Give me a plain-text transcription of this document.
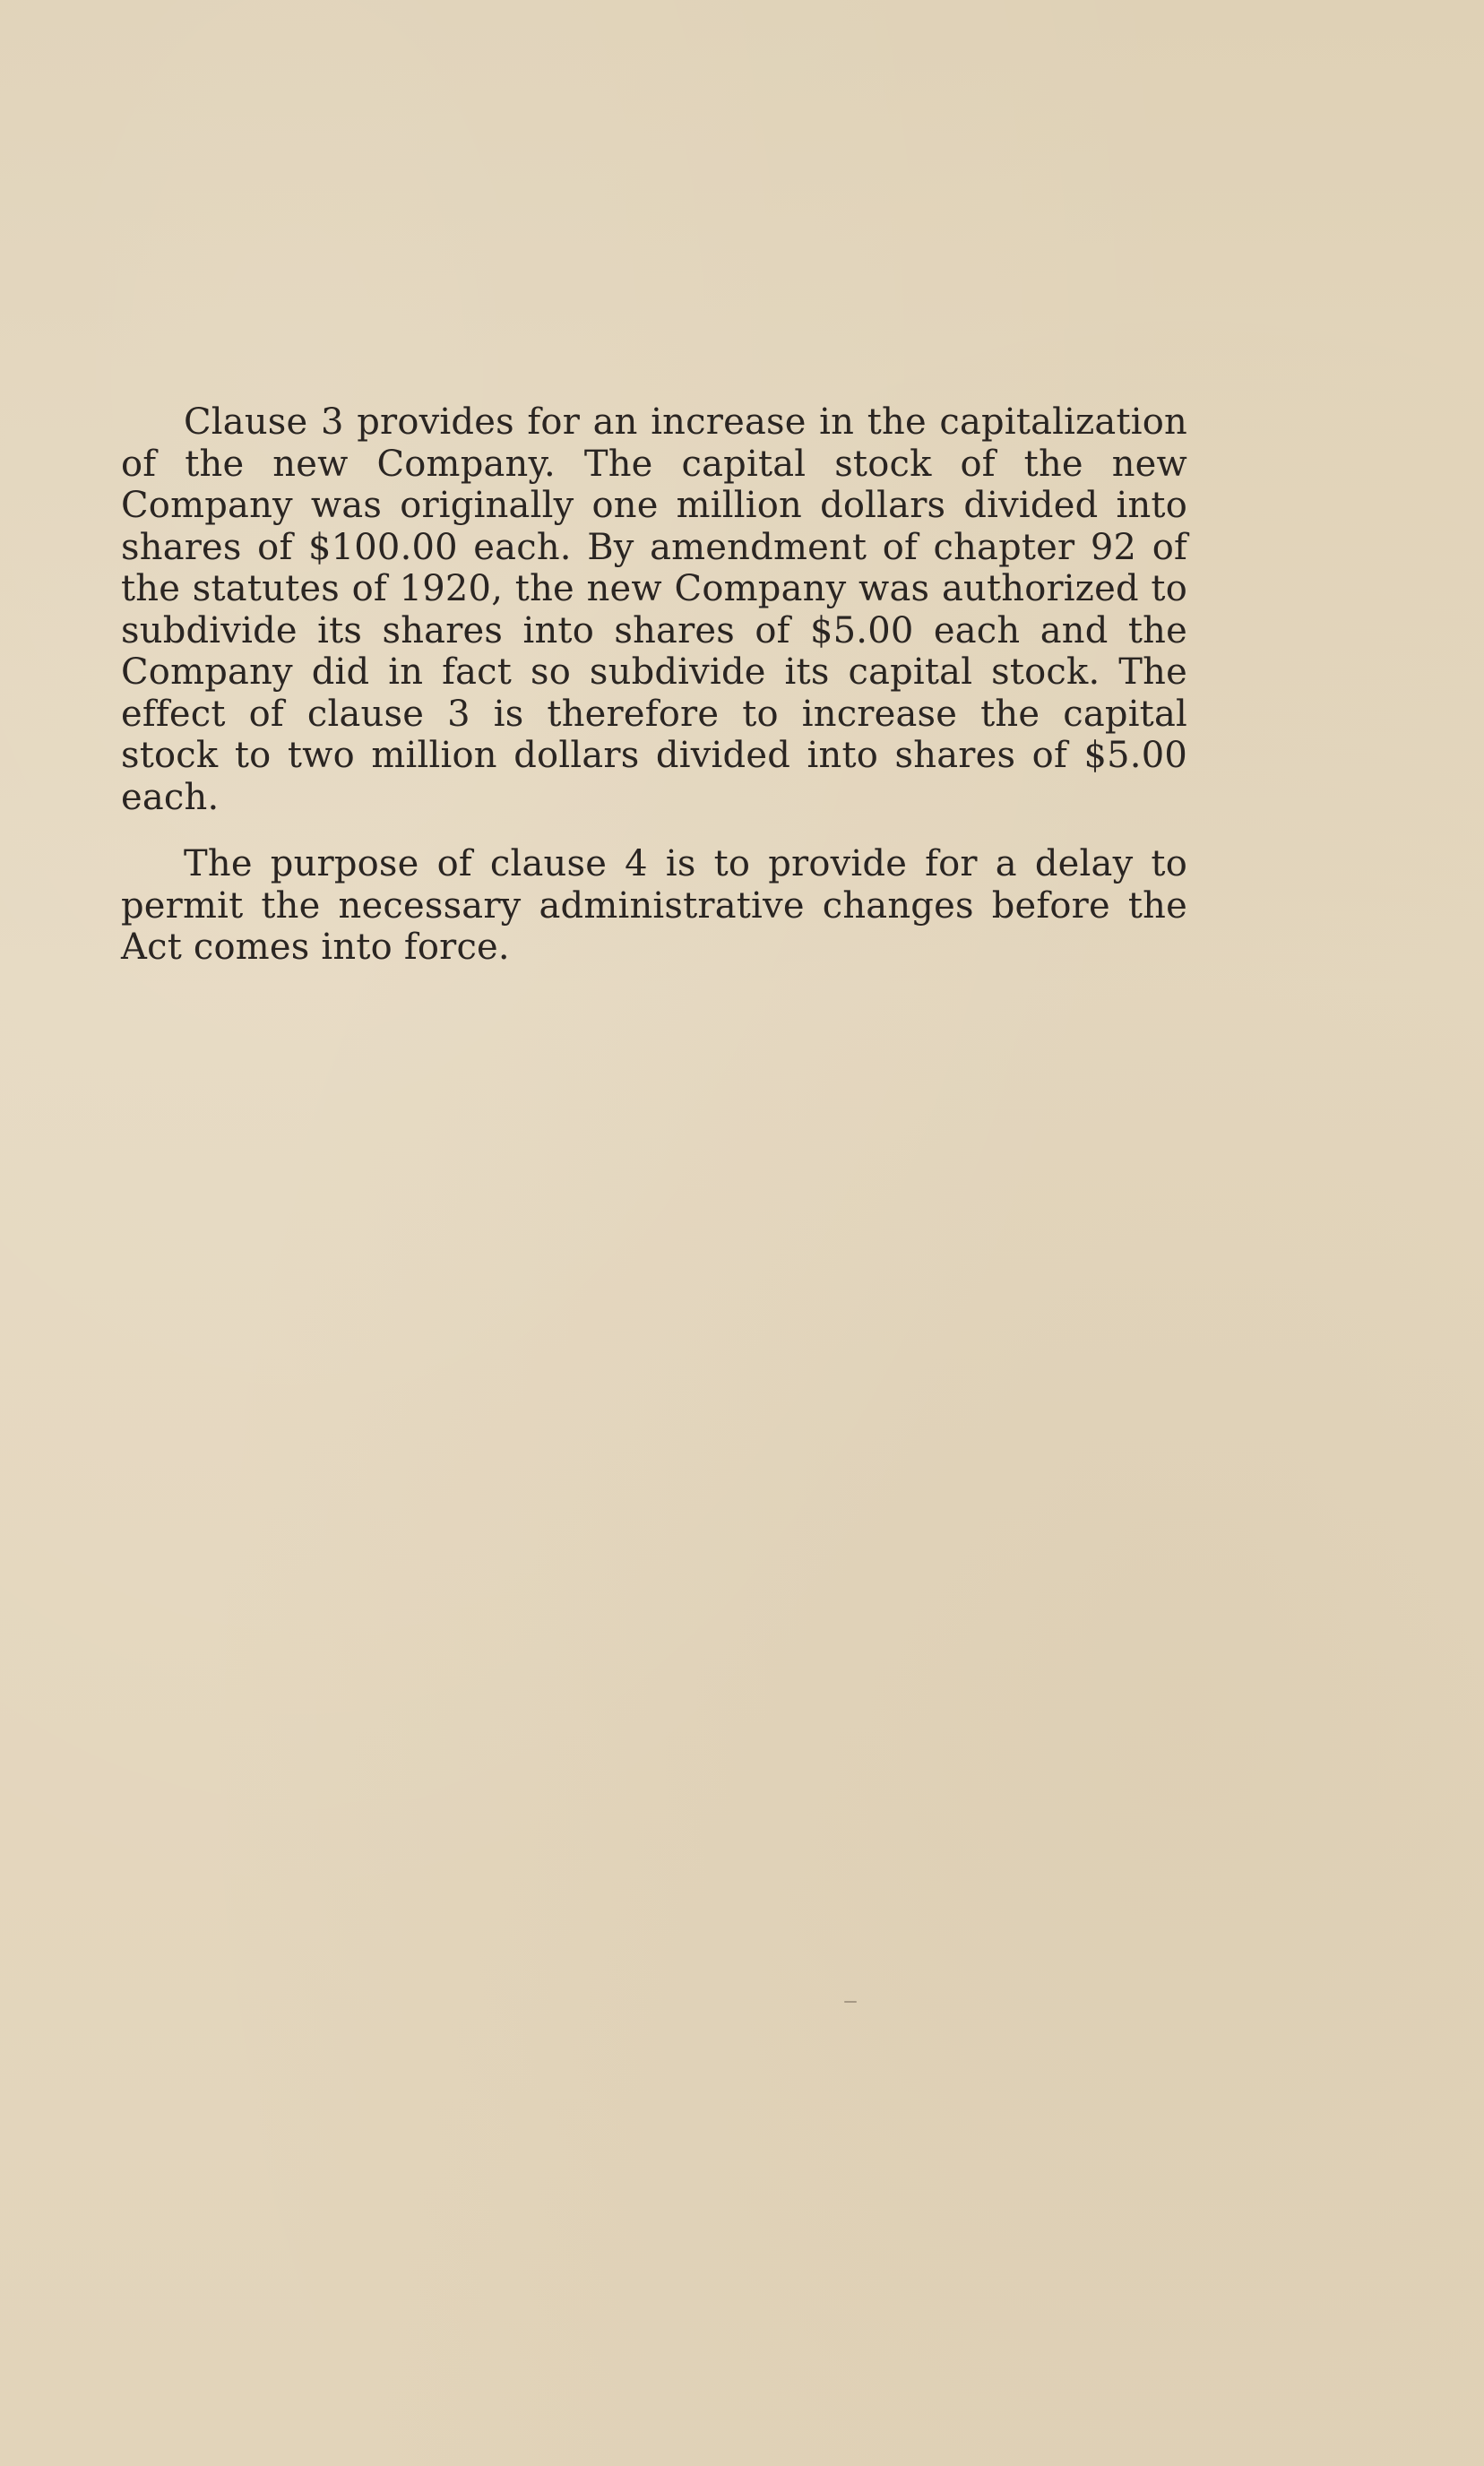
Clause 3 provides for an increase in the capitalization of the new Company. The capital stock of the new Company was originally one million dollars divided into shares of $100.00 each. By amendment of chapter 92 of the statutes of 1920, the new Company was authorized to subdivide its shares into shares of $5.00 each and the Company did in fact so subdivide its capital stock. The effect of clause 3 is therefore to increase the capital stock to two million dollars divided into shares of $5.00 each.

The purpose of clause 4 is to provide for a delay to permit the necessary administrative changes before the Act comes into force.
